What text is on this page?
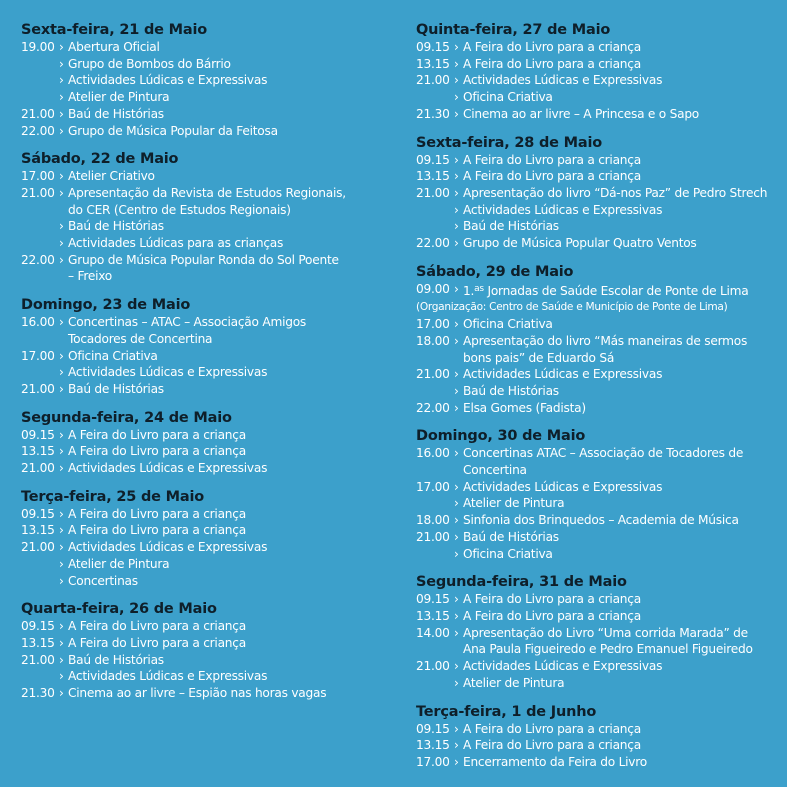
Sexta-feira, 21 de Maio
19.00 › Abertura Oficial
› Grupo de Bombos do Bárrio
› Actividades Lúdicas e Expressivas
› Atelier de Pintura
21.00 › Baú de Histórias
22.00 › Grupo de Música Popular da Feitosa
Sábado, 22 de Maio
17.00 › Atelier Criativo
21.00 › Apresentação da Revista de Estudos Regionais,
do CER (Centro de Estudos Regionais)
› Baú de Histórias
› Actividades Lúdicas para as crianças
22.00 › Grupo de Música Popular Ronda do Sol Poente
– Freixo
Domingo, 23 de Maio
16.00 › Concertinas – ATAC – Associação Amigos
Tocadores de Concertina
17.00 › Oficina Criativa
› Actividades Lúdicas e Expressivas
21.00 › Baú de Histórias
Segunda-feira, 24 de Maio
09.15 › A Feira do Livro para a criança
13.15 › A Feira do Livro para a criança
21.00 › Actividades Lúdicas e Expressivas
Terça-feira, 25 de Maio
09.15 › A Feira do Livro para a criança
13.15 › A Feira do Livro para a criança
21.00 › Actividades Lúdicas e Expressivas
› Atelier de Pintura
› Concertinas
Quarta-feira, 26 de Maio
09.15 › A Feira do Livro para a criança
13.15 › A Feira do Livro para a criança
21.00 › Baú de Histórias
› Actividades Lúdicas e Expressivas
21.30 › Cinema ao ar livre – Espião nas horas vagas
Quinta-feira, 27 de Maio
09.15 › A Feira do Livro para a criança
13.15 › A Feira do Livro para a criança
21.00 › Actividades Lúdicas e Expressivas
› Oficina Criativa
21.30 › Cinema ao ar livre – A Princesa e o Sapo
Sexta-feira, 28 de Maio
09.15 › A Feira do Livro para a criança
13.15 › A Feira do Livro para a criança
21.00 › Apresentação do livro “Dá-nos Paz” de Pedro Strech
› Actividades Lúdicas e Expressivas
› Baú de Histórias
22.00 › Grupo de Música Popular Quatro Ventos
Sábado, 29 de Maio
09.00 › 1.$^{as}$ Jornadas de Saúde Escolar de Ponte de Lima
(Organização: Centro de Saúde e Município de Ponte de Lima)
17.00 › Oficina Criativa
18.00 › Apresentação do livro “Más maneiras de sermos
bons pais” de Eduardo Sá
21.00 › Actividades Lúdicas e Expressivas
› Baú de Histórias
22.00 › Elsa Gomes (Fadista)
Domingo, 30 de Maio
16.00 › Concertinas ATAC – Associação de Tocadores de
Concertina
17.00 › Actividades Lúdicas e Expressivas
› Atelier de Pintura
18.00 › Sinfonia dos Brinquedos – Academia de Música
21.00 › Baú de Histórias
› Oficina Criativa
Segunda-feira, 31 de Maio
09.15 › A Feira do Livro para a criança
13.15 › A Feira do Livro para a criança
14.00 › Apresentação do Livro “Uma corrida Marada” de
Ana Paula Figueiredo e Pedro Emanuel Figueiredo
21.00 › Actividades Lúdicas e Expressivas
› Atelier de Pintura
Terça-feira, 1 de Junho
09.15 › A Feira do Livro para a criança
13.15 › A Feira do Livro para a criança
17.00 › Encerramento da Feira do Livro
